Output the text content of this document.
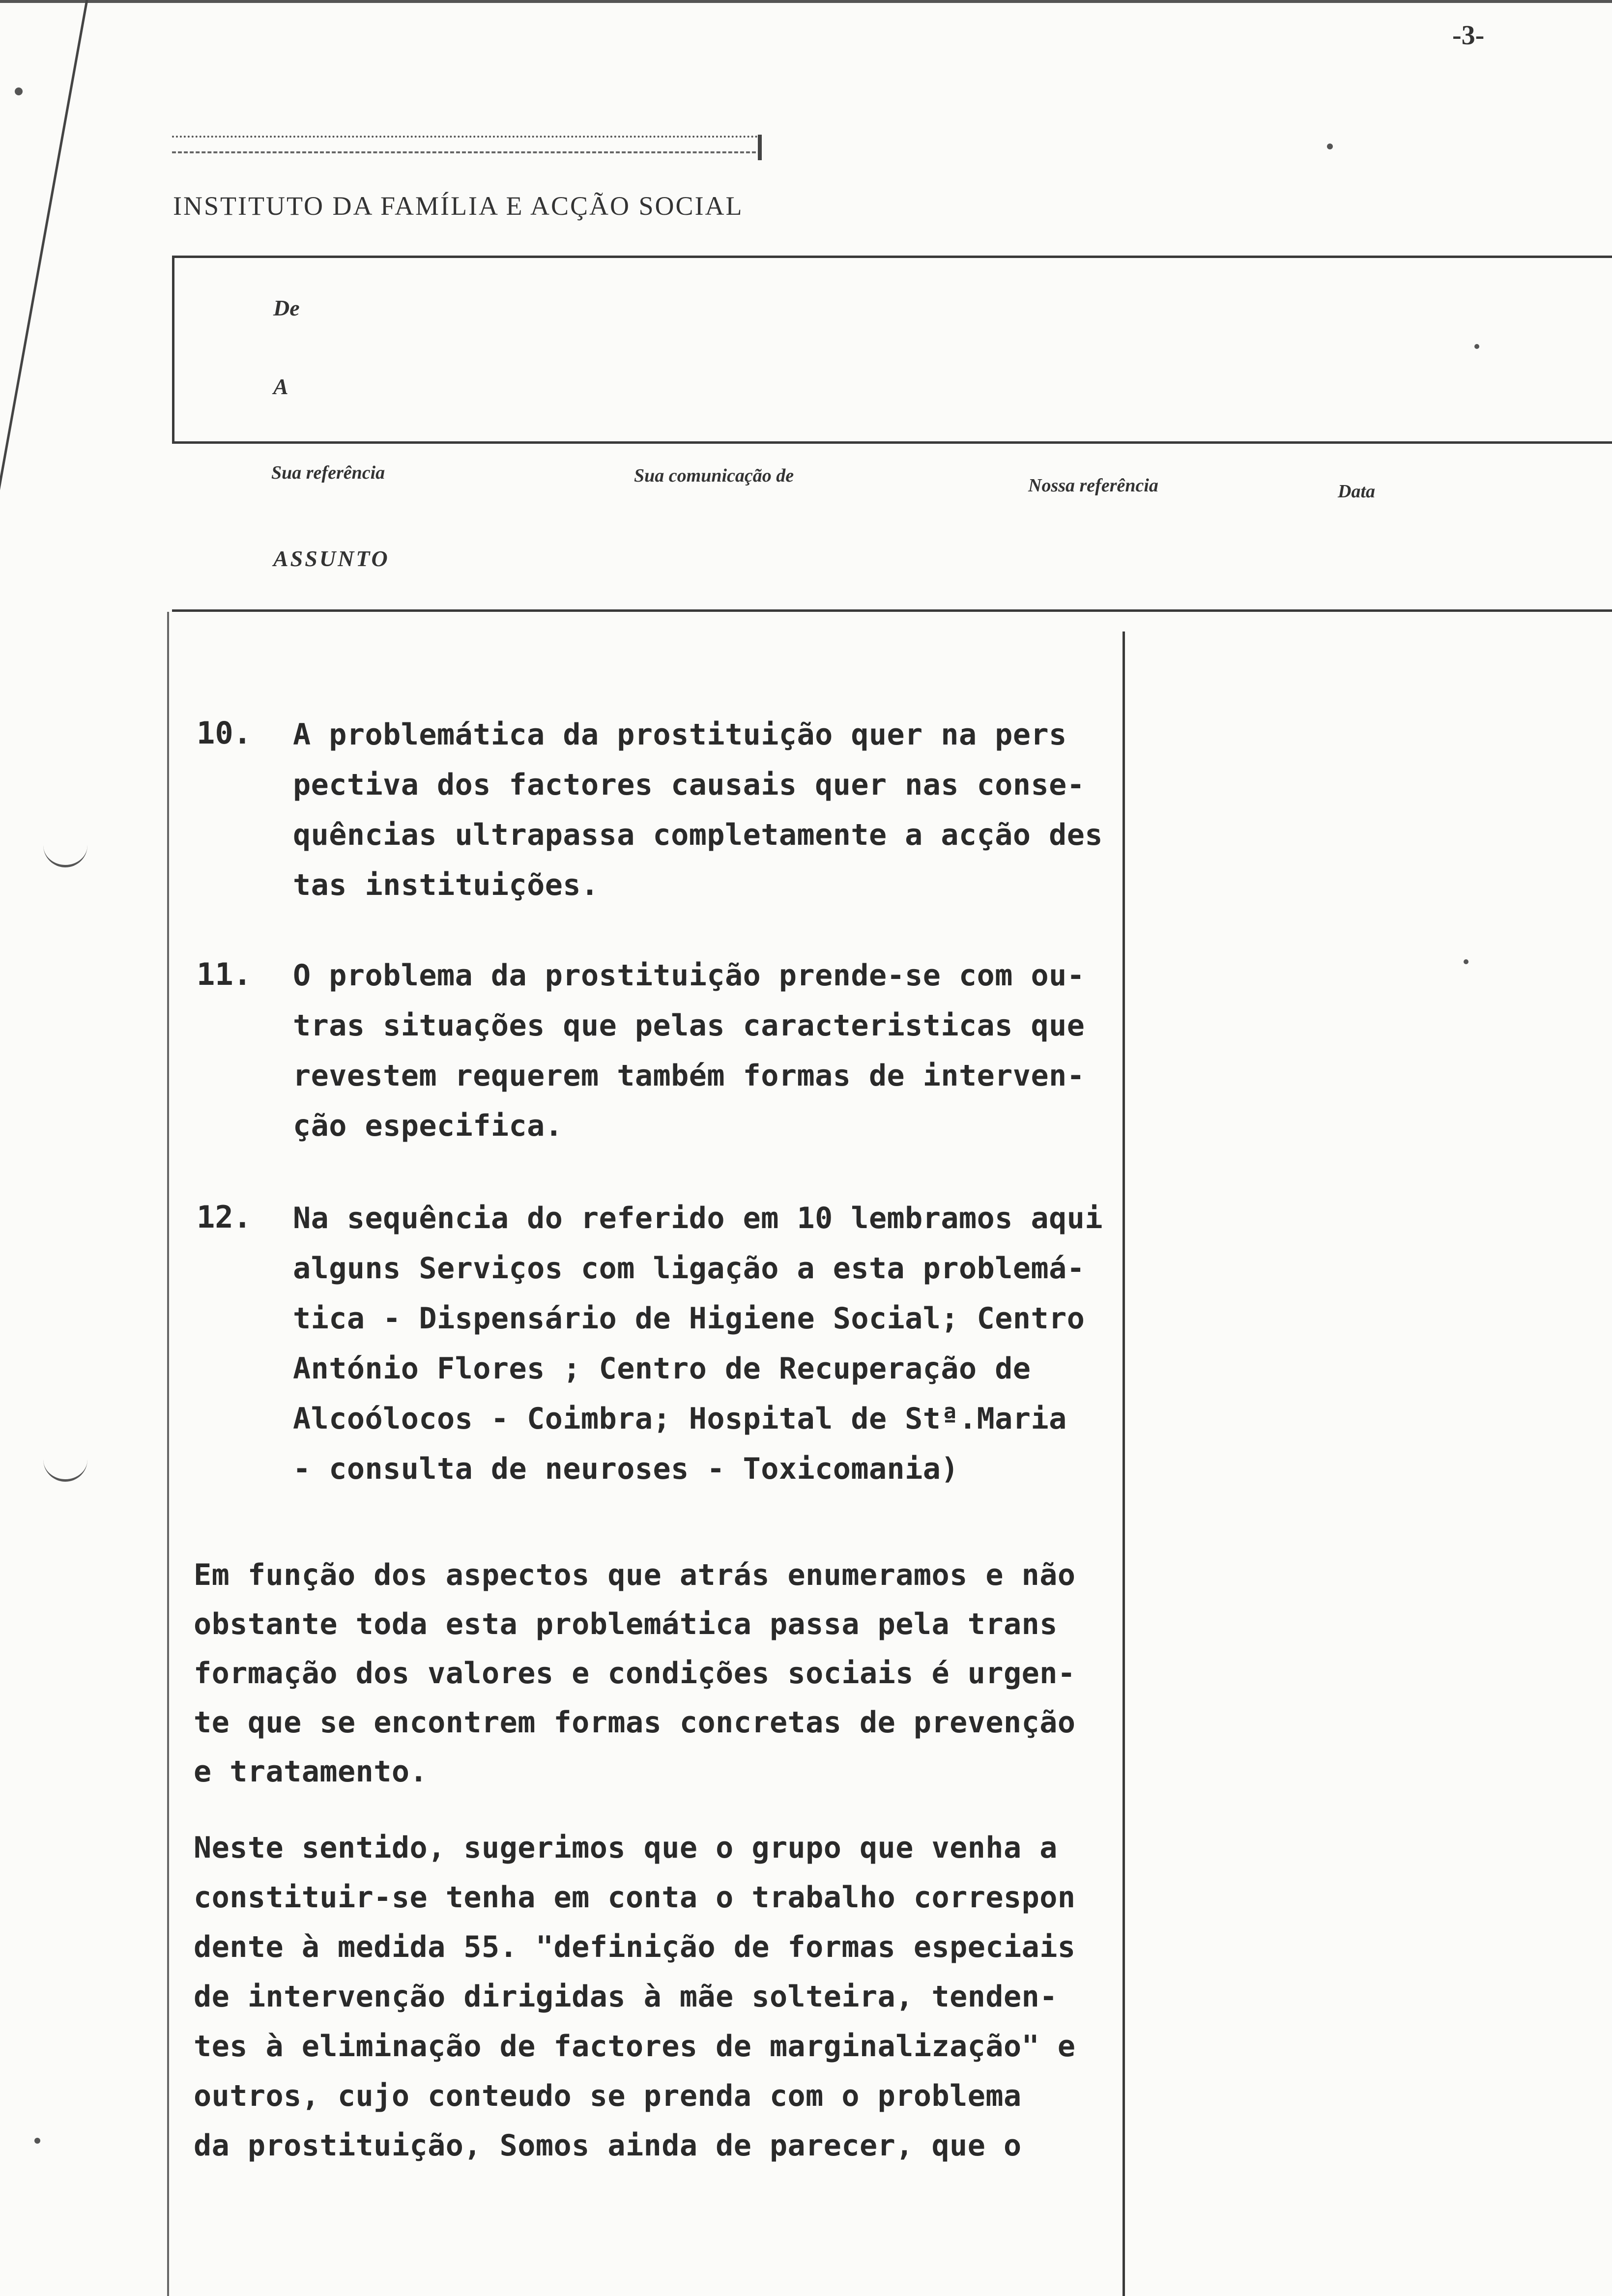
-3-
INSTITUTO DA FAMÍLIA E ACÇÃO SOCIAL
De
A
Sua referência	Sua comunicação de	Nossa referência	Data
ASSUNTO
10. A problemática da prostituição quer na pers
pectiva dos factores causais quer nas conse-
quências ultrapassa completamente a acção des
tas instituições.
11. O problema da prostituição prende-se com ou-
tras situações que pelas caracteristicas que
revestem requerem também formas de interven-
ção especifica.
12. Na sequência do referido em 10 lembramos aqui
alguns Serviços com ligação a esta problemá-
tica - Dispensário de Higiene Social; Centro
António Flores ; Centro de Recuperação de
Alcoólocos - Coimbra; Hospital de Stª.Maria
- consulta de neuroses - Toxicomania)
Em função dos aspectos que atrás enumeramos e não
obstante toda esta problemática passa pela trans
formação dos valores e condições sociais é urgen-
te que se encontrem formas concretas de prevenção
e tratamento.
Neste sentido, sugerimos que o grupo que venha a
constituir-se tenha em conta o trabalho correspon
dente à medida 55. "definição de formas especiais
de intervenção dirigidas à mãe solteira, tenden-
tes à eliminação de factores de marginalização" e
outros, cujo conteudo se prenda com o problema
da prostituição, Somos ainda de parecer, que o
